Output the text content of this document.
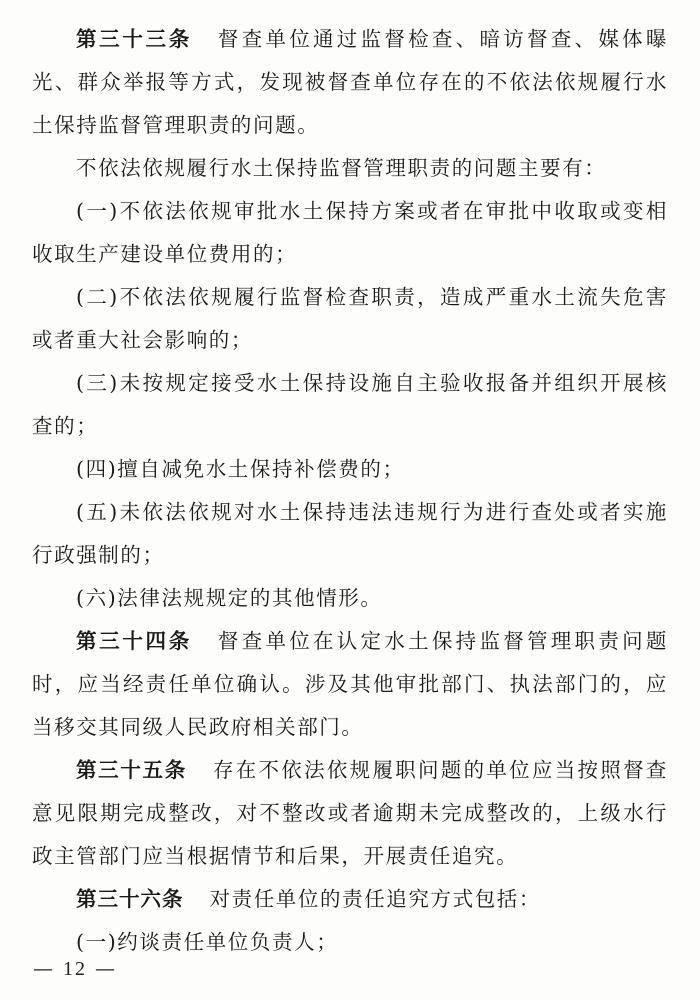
第三十三条 督查单位通过监督检查、暗访督查、媒体曝光、群众举报等方式，发现被督查单位存在的不依法依规履行水土保持监督管理职责的问题。

不依法依规履行水土保持监督管理职责的问题主要有：

(一)不依法依规审批水土保持方案或者在审批中收取或变相收取生产建设单位费用的；

(二)不依法依规履行监督检查职责，造成严重水土流失危害或者重大社会影响的；

(三)未按规定接受水土保持设施自主验收报备并组织开展核查的；

(四)擅自减免水土保持补偿费的；

(五)未依法依规对水土保持违法违规行为进行查处或者实施行政强制的；

(六)法律法规规定的其他情形。

第三十四条 督查单位在认定水土保持监督管理职责问题时，应当经责任单位确认。涉及其他审批部门、执法部门的，应当移交其同级人民政府相关部门。

第三十五条 存在不依法依规履职问题的单位应当按照督查意见限期完成整改，对不整改或者逾期未完成整改的，上级水行政主管部门应当根据情节和后果，开展责任追究。

第三十六条 对责任单位的责任追究方式包括：

(一)约谈责任单位负责人；

— 12 —
